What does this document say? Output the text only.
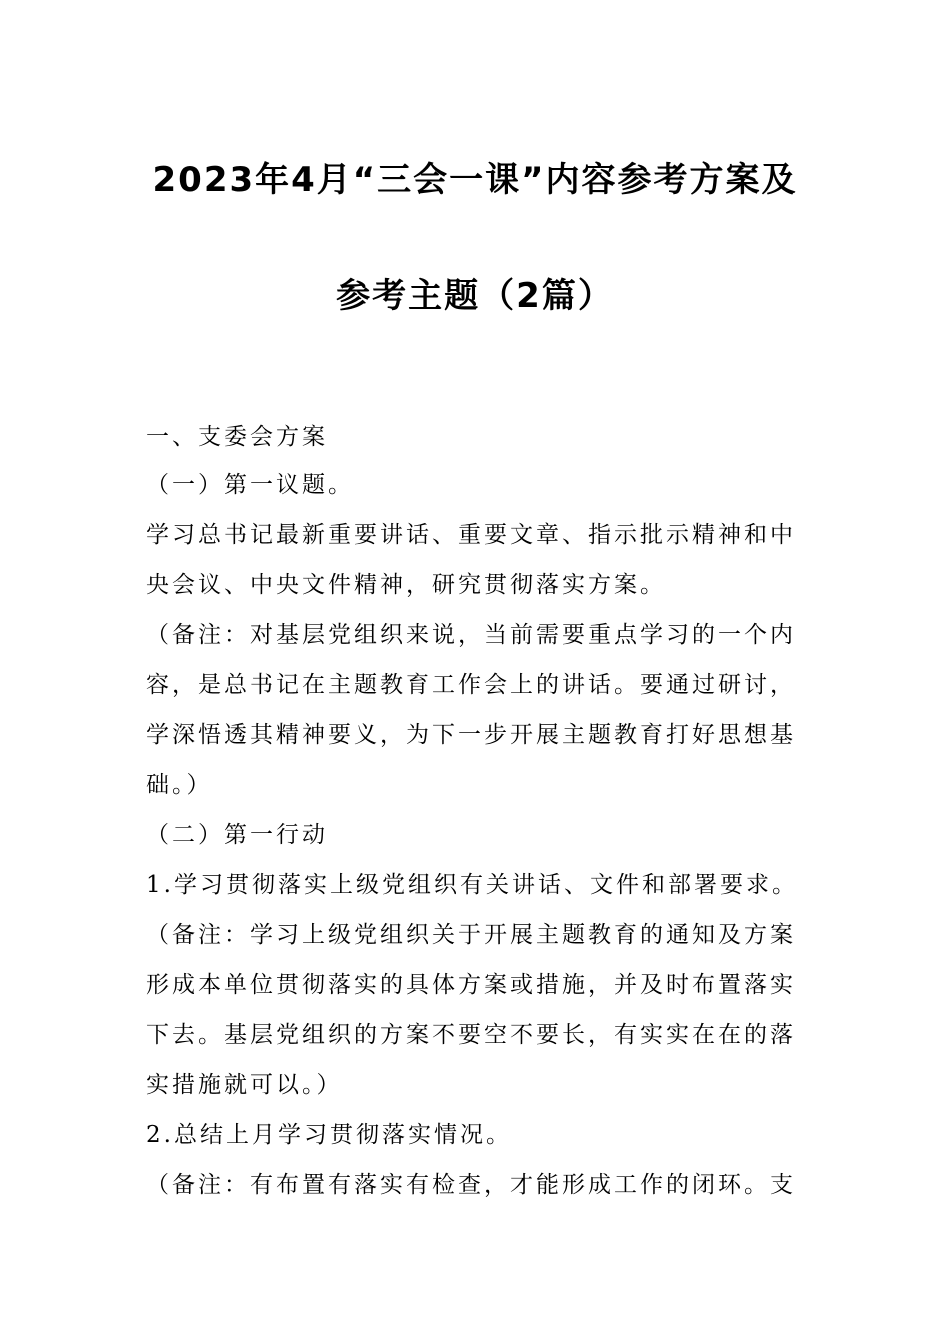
2023年4月“三会一课”内容参考方案及
参考主题（2篇）
一、支委会方案
（一）第一议题。
学习总书记最新重要讲话、重要文章、指示批示精神和中
央会议、中央文件精神，研究贯彻落实方案。
（备注：对基层党组织来说，当前需要重点学习的一个内
容，是总书记在主题教育工作会上的讲话。要通过研讨，
学深悟透其精神要义，为下一步开展主题教育打好思想基
础。）
（二）第一行动
1.学习贯彻落实上级党组织有关讲话、文件和部署要求。
（备注：学习上级党组织关于开展主题教育的通知及方案
形成本单位贯彻落实的具体方案或措施，并及时布置落实
下去。基层党组织的方案不要空不要长，有实实在在的落
实措施就可以。）
2.总结上月学习贯彻落实情况。
（备注：有布置有落实有检查，才能形成工作的闭环。支
